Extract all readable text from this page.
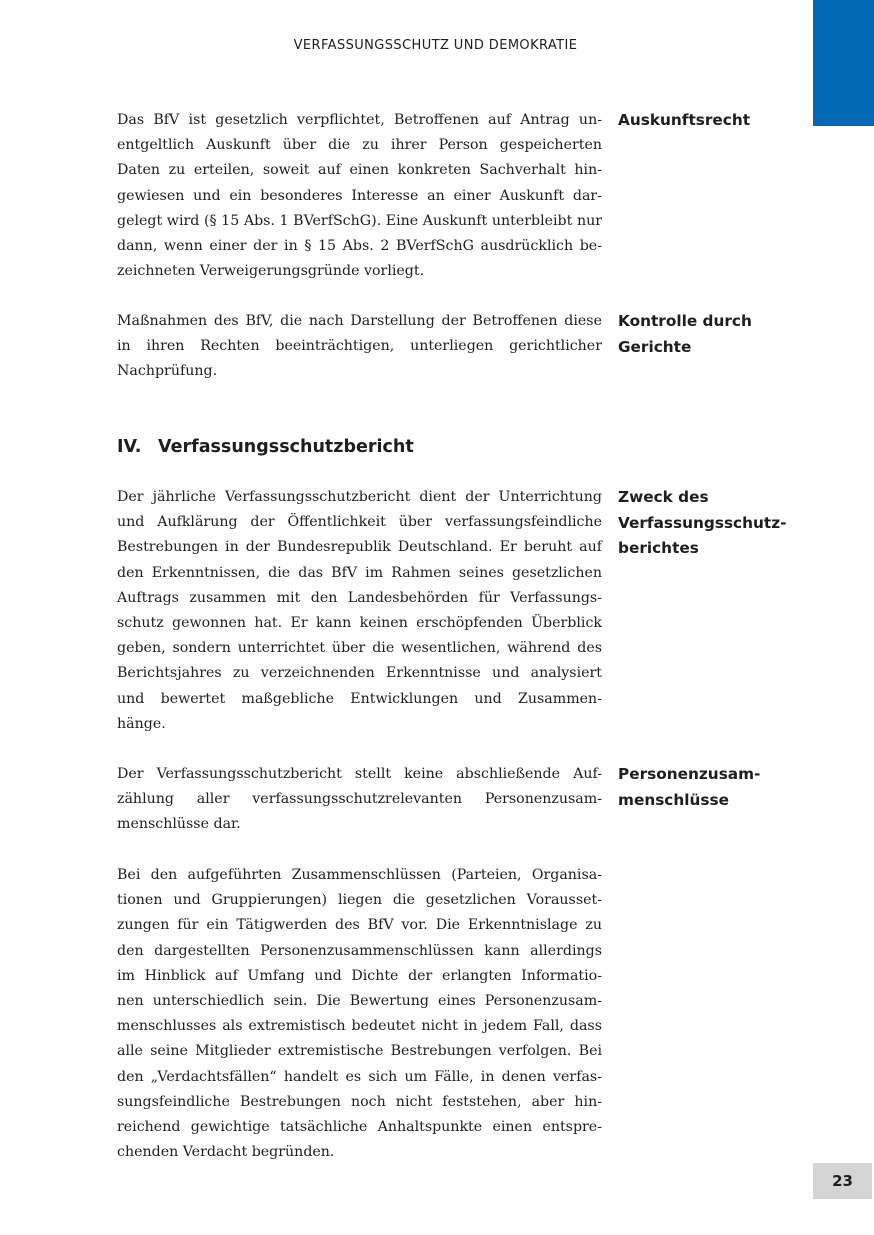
VERFASSUNGSSCHUTZ UND DEMOKRATIE

Das BfV ist gesetzlich verpflichtet, Betroffenen auf Antrag un-
entgeltlich Auskunft über die zu ihrer Person gespeicherten
Daten zu erteilen, soweit auf einen konkreten Sachverhalt hin-
gewiesen und ein besonderes Interesse an einer Auskunft dar-
gelegt wird (§ 15 Abs. 1 BVerfSchG). Eine Auskunft unterbleibt nur
dann, wenn einer der in § 15 Abs. 2 BVerfSchG ausdrücklich be-
zeichneten Verweigerungsgründe vorliegt.

Auskunftsrecht

Maßnahmen des BfV, die nach Darstellung der Betroffenen diese
in ihren Rechten beeinträchtigen, unterliegen gerichtlicher
Nachprüfung.

Kontrolle durch
Gerichte

IV. Verfassungsschutzbericht

Der jährliche Verfassungsschutzbericht dient der Unterrichtung
und Aufklärung der Öffentlichkeit über verfassungsfeindliche
Bestrebungen in der Bundesrepublik Deutschland. Er beruht auf
den Erkenntnissen, die das BfV im Rahmen seines gesetzlichen
Auftrags zusammen mit den Landesbehörden für Verfassungs-
schutz gewonnen hat. Er kann keinen erschöpfenden Überblick
geben, sondern unterrichtet über die wesentlichen, während des
Berichtsjahres zu verzeichnenden Erkenntnisse und analysiert
und bewertet maßgebliche Entwicklungen und Zusammen-
hänge.

Zweck des
Verfassungsschutz-
berichtes

Der Verfassungsschutzbericht stellt keine abschließende Auf-
zählung aller verfassungsschutzrelevanten Personenzusam-
menschlüsse dar.

Personenzusam-
menschlüsse

Bei den aufgeführten Zusammenschlüssen (Parteien, Organisa-
tionen und Gruppierungen) liegen die gesetzlichen Vorausset-
zungen für ein Tätigwerden des BfV vor. Die Erkenntnislage zu
den dargestellten Personenzusammenschlüssen kann allerdings
im Hinblick auf Umfang und Dichte der erlangten Informatio-
nen unterschiedlich sein. Die Bewertung eines Personenzusam-
menschlusses als extremistisch bedeutet nicht in jedem Fall, dass
alle seine Mitglieder extremistische Bestrebungen verfolgen. Bei
den „Verdachtsfällen“ handelt es sich um Fälle, in denen verfas-
sungsfeindliche Bestrebungen noch nicht feststehen, aber hin-
reichend gewichtige tatsächliche Anhaltspunkte einen entspre-
chenden Verdacht begründen.

23
